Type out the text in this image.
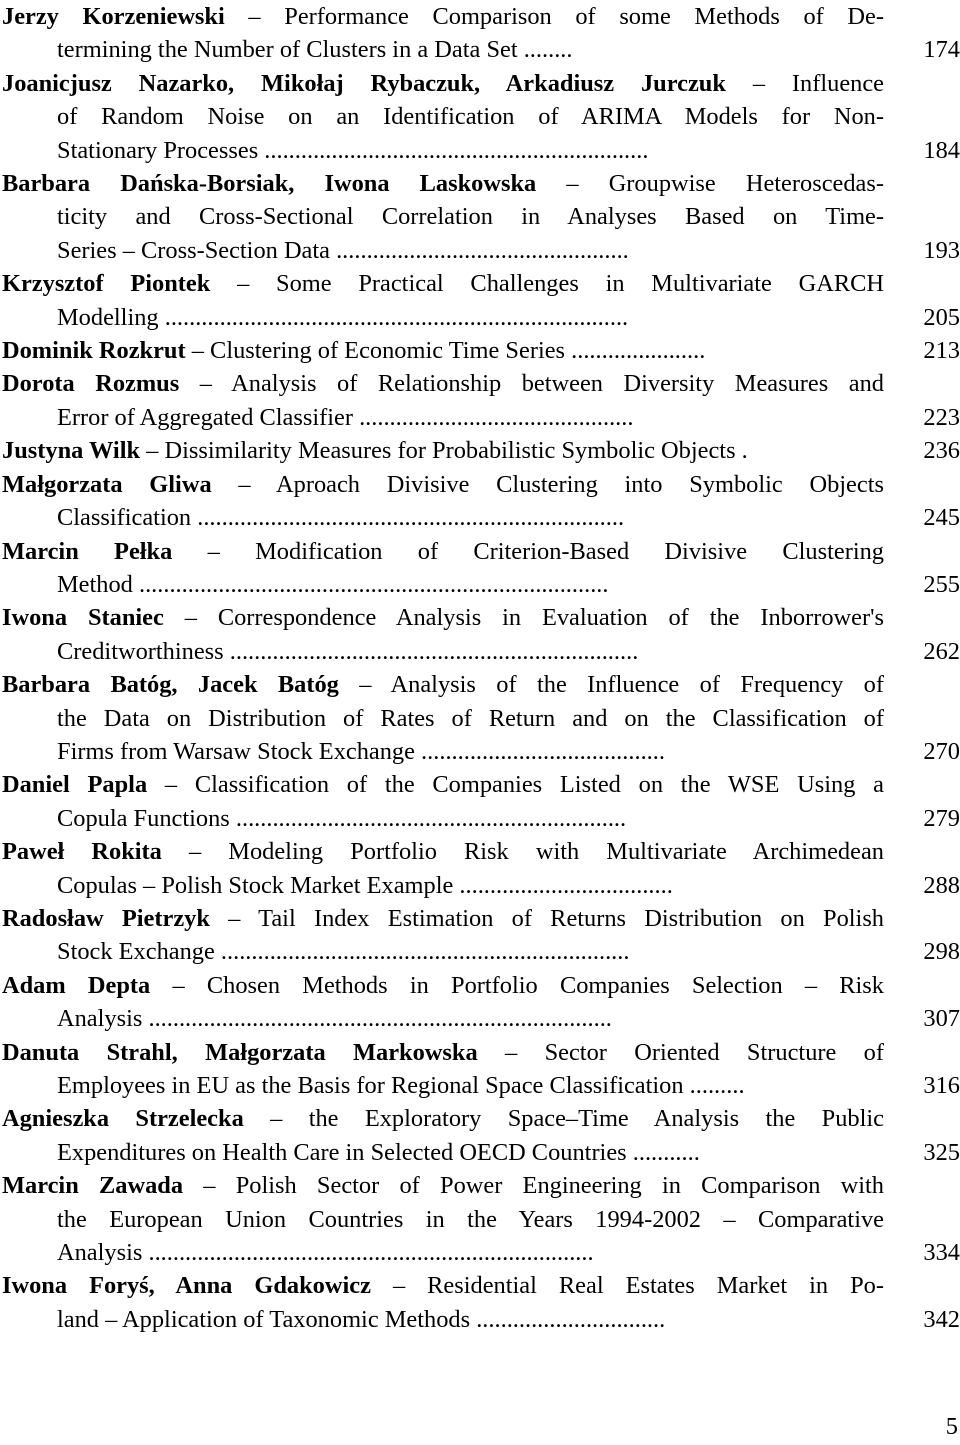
Jerzy Korzeniewski – Performance Comparison of some Methods of De-
termining the Number of Clusters in a Data Set ........	174
Joanicjusz Nazarko, Mikołaj Rybaczuk, Arkadiusz Jurczuk – Influence
of Random Noise on an Identification of ARIMA Models for Non-
Stationary Processes ...............................................................	184
Barbara Dańska-Borsiak, Iwona Laskowska – Groupwise Heteroscedas-
ticity and Cross-Sectional Correlation in Analyses Based on Time-
Series – Cross-Section Data ................................................	193
Krzysztof Piontek – Some Practical Challenges in Multivariate GARCH
Modelling ............................................................................	205
Dominik Rozkrut – Clustering of Economic Time Series ......................	213
Dorota Rozmus – Analysis of Relationship between Diversity Measures and
Error of Aggregated Classifier .............................................	223
Justyna Wilk – Dissimilarity Measures for Probabilistic Symbolic Objects .	236
Małgorzata Gliwa – Aproach Divisive Clustering into Symbolic Objects
Classification ......................................................................	245
Marcin Pełka – Modification of Criterion-Based Divisive Clustering
Method .............................................................................	255
Iwona Staniec – Correspondence Analysis in Evaluation of the Inborrower's
Creditworthiness ...................................................................	262
Barbara Batóg, Jacek Batóg – Analysis of the Influence of Frequency of
the Data on Distribution of Rates of Return and on the Classification of
Firms from Warsaw Stock Exchange ........................................	270
Daniel Papla – Classification of the Companies Listed on the WSE Using a
Copula Functions ................................................................	279
Paweł Rokita – Modeling Portfolio Risk with Multivariate Archimedean
Copulas – Polish Stock Market Example ...................................	288
Radosław Pietrzyk – Tail Index Estimation of Returns Distribution on Polish
Stock Exchange ...................................................................	298
Adam Depta – Chosen Methods in Portfolio Companies Selection – Risk
Analysis ............................................................................	307
Danuta Strahl, Małgorzata Markowska – Sector Oriented Structure of
Employees in EU as the Basis for Regional Space Classification .........	316
Agnieszka Strzelecka – the Exploratory Space–Time Analysis the Public
Expenditures on Health Care in Selected OECD Countries ...........	325
Marcin Zawada – Polish Sector of Power Engineering in Comparison with
the European Union Countries in the Years 1994-2002 – Comparative
Analysis .........................................................................	334
Iwona Foryś, Anna Gdakowicz – Residential Real Estates Market in Po-
land – Application of Taxonomic Methods ...............................	342
5
